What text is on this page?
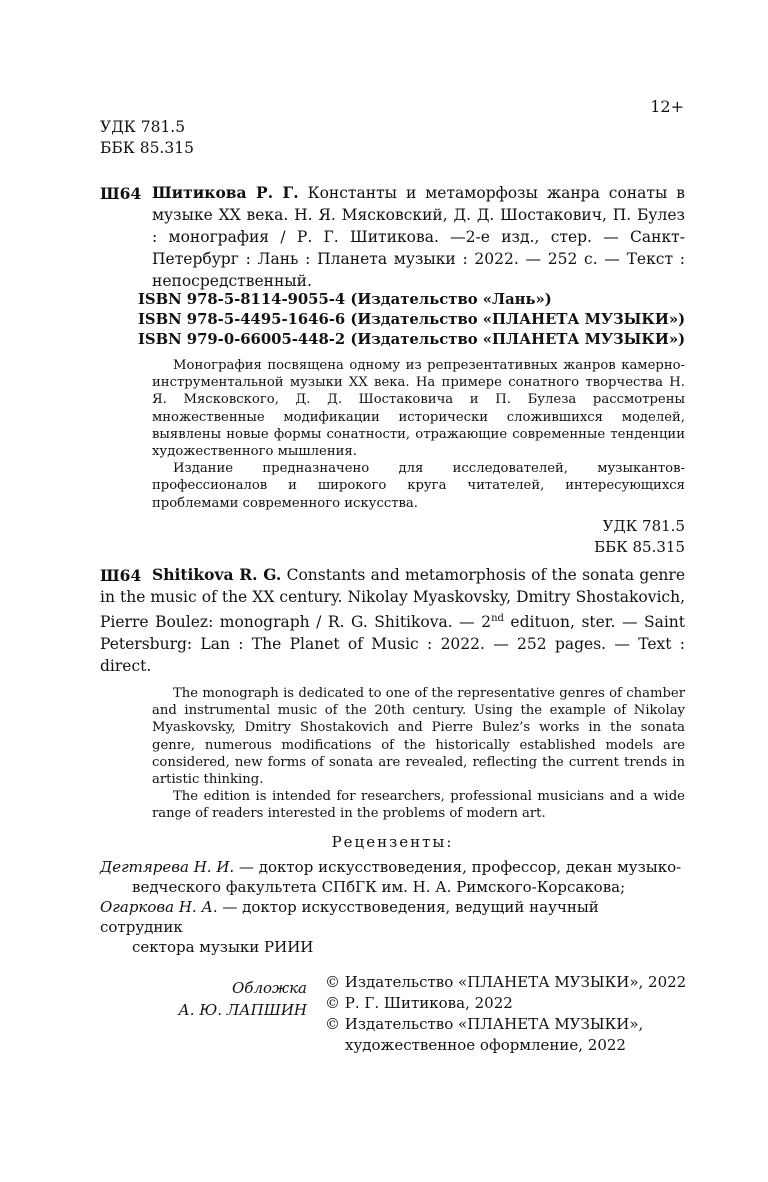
12+
УДК 781.5
ББК 85.315
Ш64 Шитикова Р. Г. Константы и метаморфозы жанра сонаты в музыке XX века. Н. Я. Мясковский, Д. Д. Шостакович, П. Булез : монография / Р. Г. Шитикова. —2-е изд., стер. — Санкт-Петербург : Лань : Планета музыки : 2022. — 252 с. — Текст : непосредственный.
ISBN 978-5-8114-9055-4 (Издательство «Лань»)
ISBN 978-5-4495-1646-6 (Издательство «ПЛАНЕТА МУЗЫКИ»)
ISBN 979-0-66005-448-2 (Издательство «ПЛАНЕТА МУЗЫКИ»)

Монография посвящена одному из репрезентативных жанров камерно-инструментальной музыки XX века. На примере сонатного творчества Н. Я. Мясковского, Д. Д. Шостаковича и П. Булеза рассмотрены множественные модификации исторически сложившихся моделей, выявлены новые формы сонатности, отражающие современные тенденции художественного мышления.

Издание предназначено для исследователей, музыкантов-профессионалов и широкого круга читателей, интересующихся проблемами современного искусства.

УДК 781.5
ББК 85.315
Ш64 Shitikova R. G. Constants and metamorphosis of the sonata genre in the music of the XX century. Nikolay Myaskovsky, Dmitry Shostakovich, Pierre Boulez: monograph / R. G. Shitikova. — 2nd edituon, ster. — Saint Petersburg: Lan : The Planet of Music : 2022. — 252 pages. — Text : direct.

The monograph is dedicated to one of the representative genres of chamber and instrumental music of the 20th century. Using the example of Nikolay Myaskovsky, Dmitry Shostakovich and Pierre Bulez’s works in the sonata genre, numerous modifications of the historically established models are considered, new forms of sonata are revealed, reflecting the current trends in artistic thinking.

The edition is intended for researchers, professional musicians and a wide range of readers interested in the problems of modern art.

Рецензенты:
Дегтярева Н. И. — доктор искусствоведения, профессор, декан музыко-
ведческого факультета СПбГК им. Н. А. Римского-Корсакова;
Огаркова Н. А. — доктор искусствоведения, ведущий научный сотрудник
сектора музыки РИИИ
Обложка
А. Ю. ЛАПШИН
© Издательство «ПЛАНЕТА МУЗЫКИ», 2022
© Р. Г. Шитикова, 2022
© Издательство «ПЛАНЕТА МУЗЫКИ»,
художественное оформление, 2022
